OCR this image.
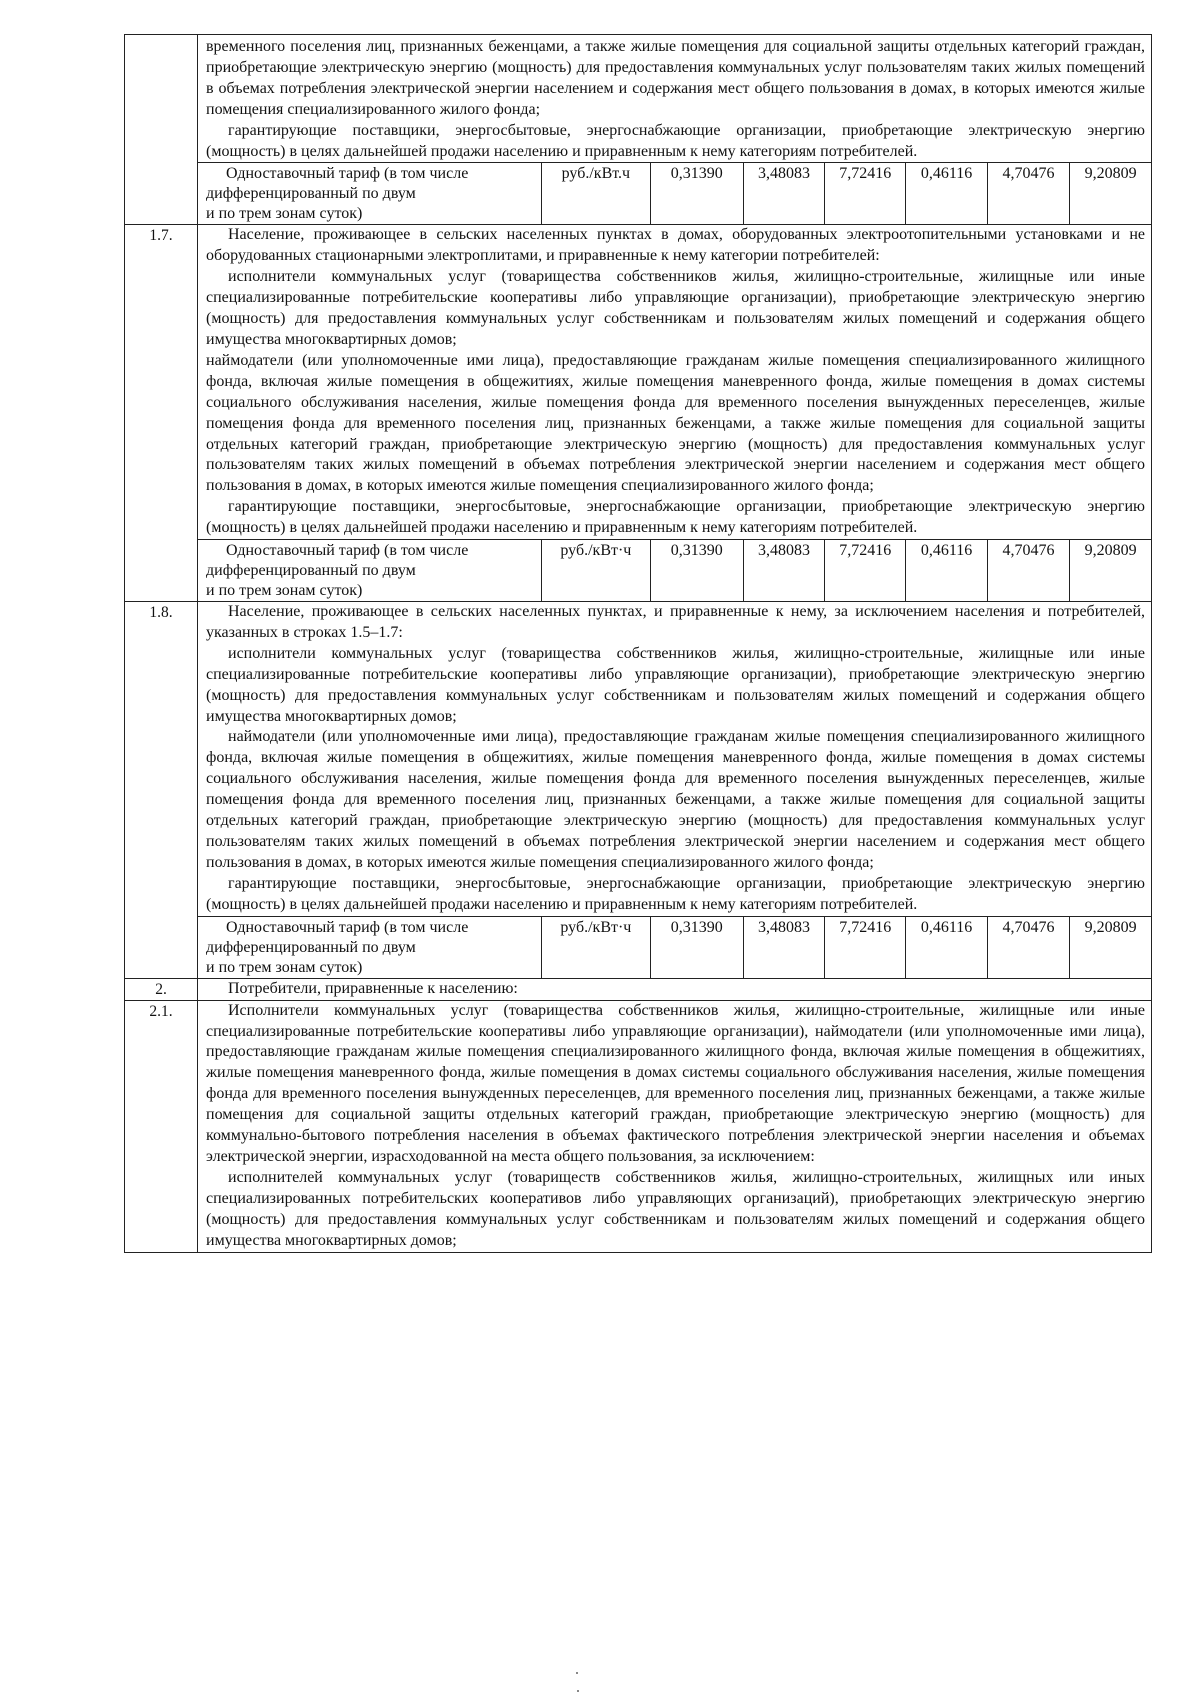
временного поселения лиц, признанных беженцами, а также жилые помещения для социальной защиты отдельных категорий граждан, приобретающие электрическую энергию (мощность) для предоставления коммунальных услуг пользователям таких жилых помещений в объемах потребления электрической энергии населением и содержания мест общего пользования в домах, в которых имеются жилые помещения специализированного жилого фонда;
гарантирующие поставщики, энергосбытовые, энергоснабжающие организации, приобретающие электрическую энергию (мощность) в целях дальнейшей продажи населению и приравненным к нему категориям потребителей.
Одноставочный тариф (в том числе
дифференцированный по двум
и по трем зонам суток)
	руб./кВт.ч	0,31390	3,48083	7,72416	0,46116	4,70476	9,20809

1.7.	Население, проживающее в сельских населенных пунктах в домах, оборудованных электроотопительными установками и не оборудованных стационарными электроплитами, и приравненные к нему категории потребителей:
исполнители коммунальных услуг (товарищества собственников жилья, жилищно-строительные, жилищные или иные специализированные потребительские кооперативы либо управляющие организации), приобретающие электрическую энергию (мощность) для предоставления коммунальных услуг собственникам и пользователям жилых помещений и содержания общего имущества многоквартирных домов;
наймодатели (или уполномоченные ими лица), предоставляющие гражданам жилые помещения специализированного жилищного фонда, включая жилые помещения в общежитиях, жилые помещения маневренного фонда, жилые помещения в домах системы социального обслуживания населения, жилые помещения фонда для временного поселения вынужденных переселенцев, жилые помещения фонда для временного поселения лиц, признанных беженцами, а также жилые помещения для социальной защиты отдельных категорий граждан, приобретающие электрическую энергию (мощность) для предоставления коммунальных услуг пользователям таких жилых помещений в объемах потребления электрической энергии населением и содержания мест общего пользования в домах, в которых имеются жилые помещения специализированного жилого фонда;
гарантирующие поставщики, энергосбытовые, энергоснабжающие организации, приобретающие электрическую энергию (мощность) в целях дальнейшей продажи населению и приравненным к нему категориям потребителей.
Одноставочный тариф (в том числе
дифференцированный по двум
и по трем зонам суток)
	руб./кВт·ч	0,31390	3,48083	7,72416	0,46116	4,70476	9,20809

1.8.	Население, проживающее в сельских населенных пунктах, и приравненные к нему, за исключением населения и потребителей, указанных в строках 1.5–1.7:
исполнители коммунальных услуг (товарищества собственников жилья, жилищно-строительные, жилищные или иные специализированные потребительские кооперативы либо управляющие организации), приобретающие электрическую энергию (мощность) для предоставления коммунальных услуг собственникам и пользователям жилых помещений и содержания общего имущества многоквартирных домов;
наймодатели (или уполномоченные ими лица), предоставляющие гражданам жилые помещения специализированного жилищного фонда, включая жилые помещения в общежитиях, жилые помещения маневренного фонда, жилые помещения в домах системы социального обслуживания населения, жилые помещения фонда для временного поселения вынужденных переселенцев, жилые помещения фонда для временного поселения лиц, признанных беженцами, а также жилые помещения для социальной защиты отдельных категорий граждан, приобретающие электрическую энергию (мощность) для предоставления коммунальных услуг пользователям таких жилых помещений в объемах потребления электрической энергии населением и содержания мест общего пользования в домах, в которых имеются жилые помещения специализированного жилого фонда;
гарантирующие поставщики, энергосбытовые, энергоснабжающие организации, приобретающие электрическую энергию (мощность) в целях дальнейшей продажи населению и приравненным к нему категориям потребителей.
Одноставочный тариф (в том числе
дифференцированный по двум
и по трем зонам суток)
	руб./кВт·ч	0,31390	3,48083	7,72416	0,46116	4,70476	9,20809

2.	Потребители, приравненные к населению:

2.1.	Исполнители коммунальных услуг (товарищества собственников жилья, жилищно-строительные, жилищные или иные специализированные потребительские кооперативы либо управляющие организации), наймодатели (или уполномоченные ими лица), предоставляющие гражданам жилые помещения специализированного жилищного фонда, включая жилые помещения в общежитиях, жилые помещения маневренного фонда, жилые помещения в домах системы социального обслуживания населения, жилые помещения фонда для временного поселения вынужденных переселенцев, для временного поселения лиц, признанных беженцами, а также жилые помещения для социальной защиты отдельных категорий граждан, приобретающие электрическую энергию (мощность) для коммунально-бытового потребления населения в объемах фактического потребления электрической энергии населения и объемах электрической энергии, израсходованной на места общего пользования, за исключением:
исполнителей коммунальных услуг (товариществ собственников жилья, жилищно-строительных, жилищных или иных специализированных потребительских кооперативов либо управляющих организаций), приобретающих электрическую энергию (мощность) для предоставления коммунальных услуг собственникам и пользователям жилых помещений и содержания общего имущества многоквартирных домов;
